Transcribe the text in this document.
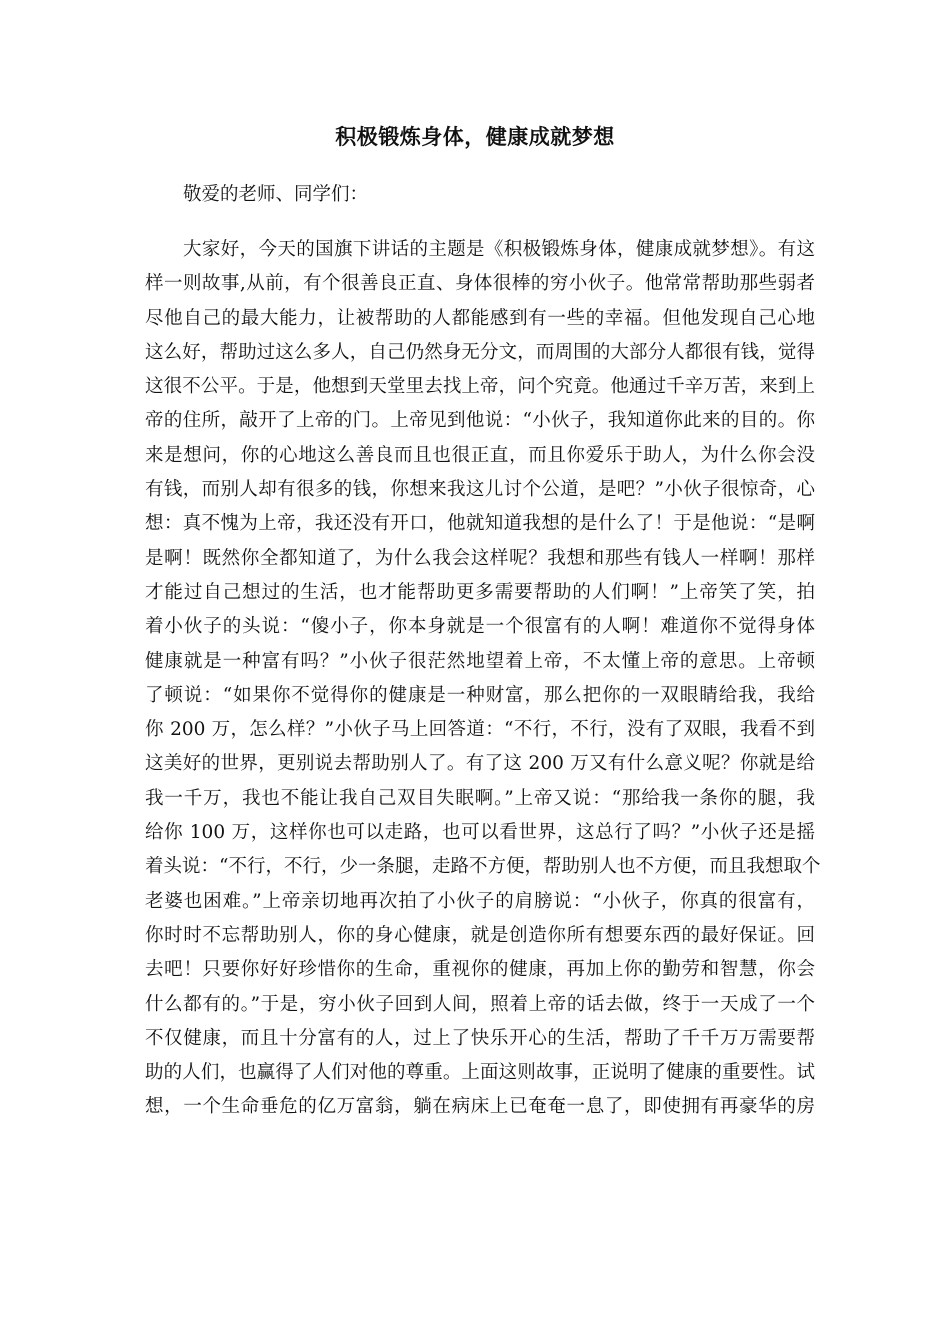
积极锻炼身体，健康成就梦想

敬爱的老师、同学们：

大家好，今天的国旗下讲话的主题是《积极锻炼身体，健康成就梦想》。有这
样一则故事,从前，有个很善良正直、身体很棒的穷小伙子。他常常帮助那些弱者
尽他自己的最大能力，让被帮助的人都能感到有一些的幸福。但他发现自己心地
这么好，帮助过这么多人，自己仍然身无分文，而周围的大部分人都很有钱，觉得
这很不公平。于是，他想到天堂里去找上帝，问个究竟。他通过千辛万苦，来到上
帝的住所，敲开了上帝的门。上帝见到他说：“小伙子，我知道你此来的目的。你
来是想问，你的心地这么善良而且也很正直，而且你爱乐于助人，为什么你会没
有钱，而别人却有很多的钱，你想来我这儿讨个公道，是吧？”小伙子很惊奇，心
想：真不愧为上帝，我还没有开口，他就知道我想的是什么了！于是他说：“是啊
是啊！既然你全都知道了，为什么我会这样呢？我想和那些有钱人一样啊！那样
才能过自己想过的生活，也才能帮助更多需要帮助的人们啊！”上帝笑了笑，拍
着小伙子的头说：“傻小子，你本身就是一个很富有的人啊！难道你不觉得身体
健康就是一种富有吗？”小伙子很茫然地望着上帝，不太懂上帝的意思。上帝顿
了顿说：“如果你不觉得你的健康是一种财富，那么把你的一双眼睛给我，我给
你 200 万，怎么样？”小伙子马上回答道：“不行，不行，没有了双眼，我看不到
这美好的世界，更别说去帮助别人了。有了这 200 万又有什么意义呢？你就是给
我一千万，我也不能让我自己双目失眠啊。”上帝又说：“那给我一条你的腿，我
给你 100 万，这样你也可以走路，也可以看世界，这总行了吗？”小伙子还是摇
着头说：“不行，不行，少一条腿，走路不方便，帮助别人也不方便，而且我想取个
老婆也困难。”上帝亲切地再次拍了小伙子的肩膀说：“小伙子，你真的很富有，
你时时不忘帮助别人，你的身心健康，就是创造你所有想要东西的最好保证。回
去吧！只要你好好珍惜你的生命，重视你的健康，再加上你的勤劳和智慧，你会
什么都有的。”于是，穷小伙子回到人间，照着上帝的话去做，终于一天成了一个
不仅健康，而且十分富有的人，过上了快乐开心的生活，帮助了千千万万需要帮
助的人们，也赢得了人们对他的尊重。上面这则故事，正说明了健康的重要性。试
想，一个生命垂危的亿万富翁，躺在病床上已奄奄一息了，即使拥有再豪华的房
